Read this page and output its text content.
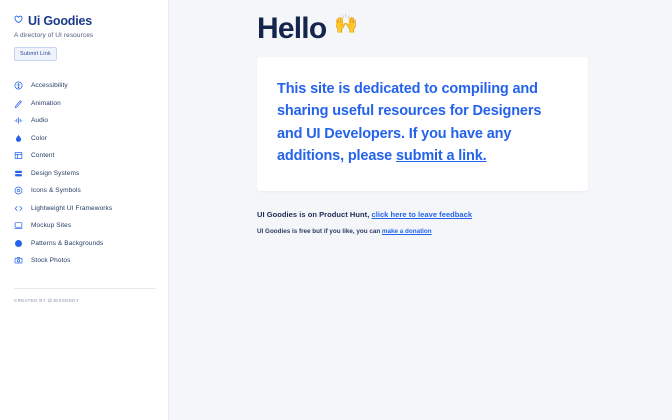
Ui Goodies
A directory of UI resources
Submit Link
Accessibility
Animation
Audio
Color
Content
Design Systems
Icons & Symbols
Lightweight UI Frameworks
Mockup Sites
Patterns & Backgrounds
Stock Photos
CREATED BY @JESSEDDY
Hello 🙌

This site is dedicated to compiling and sharing useful resources for Designers and UI Developers. If you have any additions, please submit a link.

UI Goodies is on Product Hunt, click here to leave feedback

UI Goodies is free but if you like, you can make a donation
